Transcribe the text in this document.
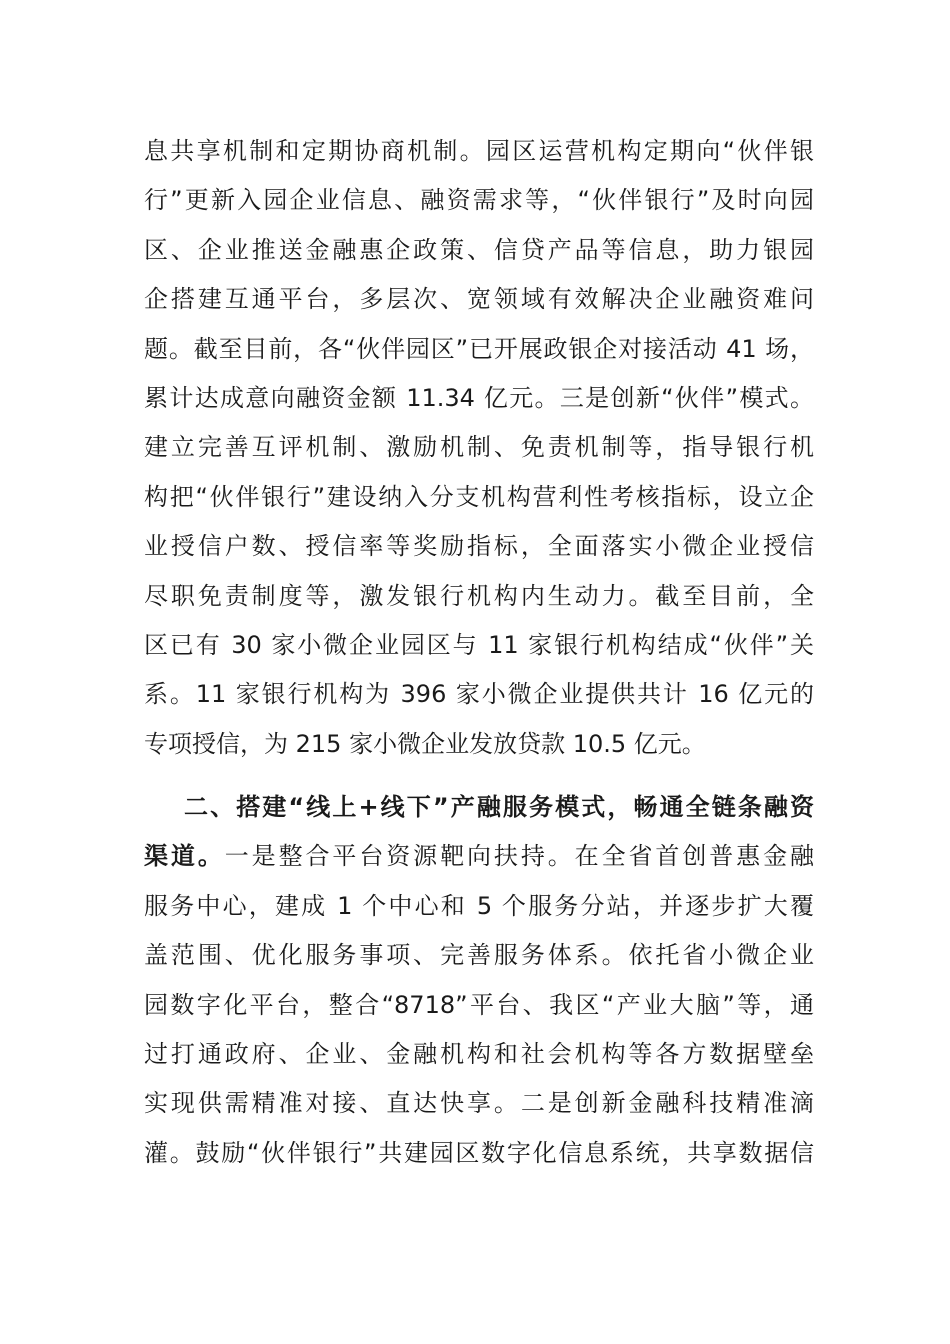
息共享机制和定期协商机制。园区运营机构定期向“伙伴银
行”更新入园企业信息、融资需求等，“伙伴银行”及时向园
区、企业推送金融惠企政策、信贷产品等信息，助力银园
企搭建互通平台，多层次、宽领域有效解决企业融资难问
题。截至目前，各“伙伴园区”已开展政银企对接活动 41 场，
累计达成意向融资金额 11.34 亿元。三是创新“伙伴”模式。
建立完善互评机制、激励机制、免责机制等，指导银行机
构把“伙伴银行”建设纳入分支机构营利性考核指标，设立企
业授信户数、授信率等奖励指标，全面落实小微企业授信
尽职免责制度等，激发银行机构内生动力。截至目前，全
区已有 30 家小微企业园区与 11 家银行机构结成“伙伴”关
系。11 家银行机构为 396 家小微企业提供共计 16 亿元的
专项授信，为 215 家小微企业发放贷款 10.5 亿元。
二、搭建“线上+线下”产融服务模式，畅通全链条融资
渠道。一是整合平台资源靶向扶持。在全省首创普惠金融
服务中心，建成 1 个中心和 5 个服务分站，并逐步扩大覆
盖范围、优化服务事项、完善服务体系。依托省小微企业
园数字化平台，整合“8718”平台、我区“产业大脑”等，通
过打通政府、企业、金融机构和社会机构等各方数据壁垒
实现供需精准对接、直达快享。二是创新金融科技精准滴
灌。鼓励“伙伴银行”共建园区数字化信息系统，共享数据信
